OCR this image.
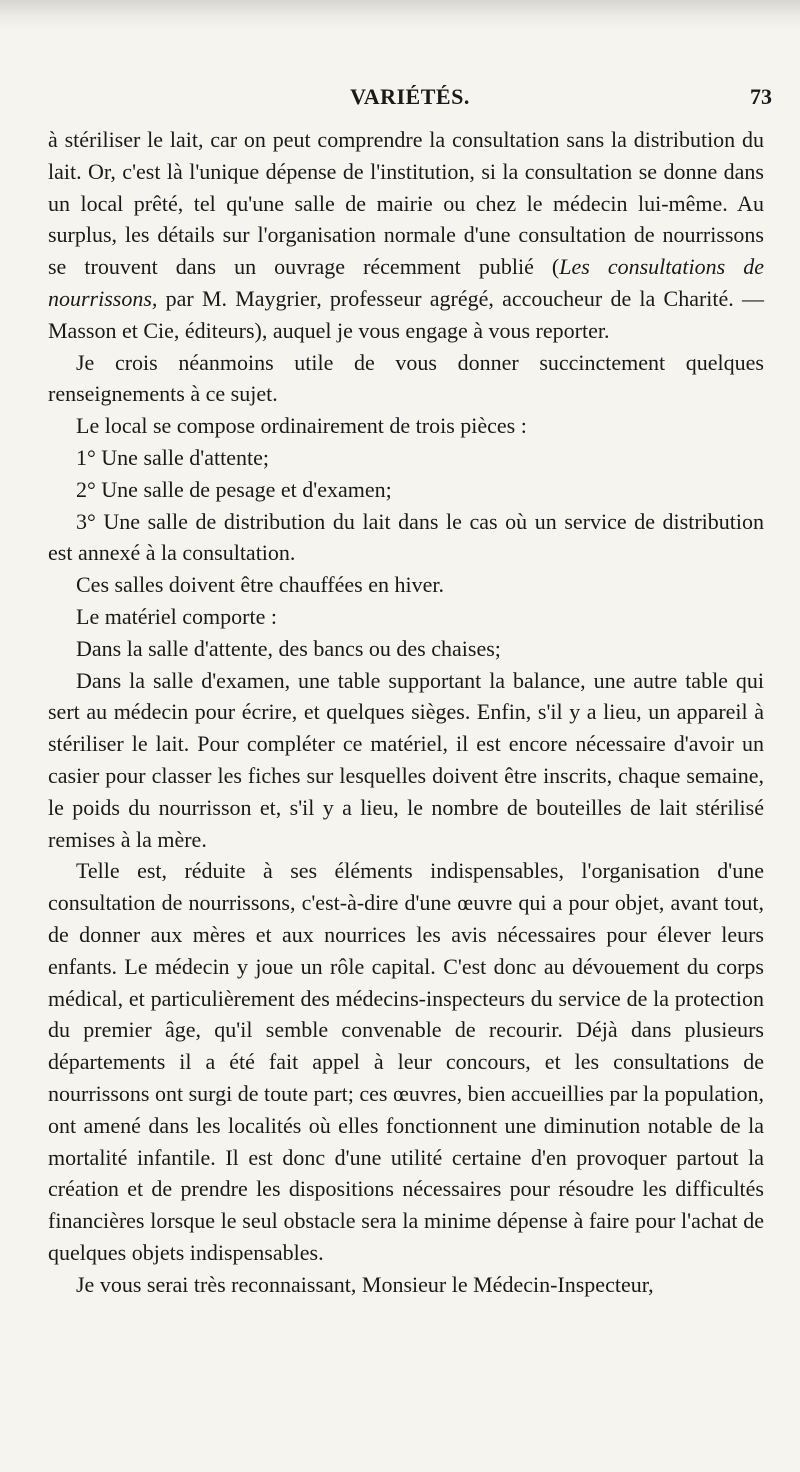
VARIÉTÉS.	73

à stériliser le lait, car on peut comprendre la consultation sans la distribution du lait. Or, c'est là l'unique dépense de l'institution, si la consultation se donne dans un local prêté, tel qu'une salle de mairie ou chez le médecin lui-même. Au surplus, les détails sur l'organisation normale d'une consultation de nourrissons se trouvent dans un ouvrage récemment publié (Les consultations de nourrissons, par M. Maygrier, professeur agrégé, accoucheur de la Charité. — Masson et Cie, éditeurs), auquel je vous engage à vous reporter.

Je crois néanmoins utile de vous donner succinctement quelques renseignements à ce sujet.

Le local se compose ordinairement de trois pièces :

1° Une salle d'attente;

2° Une salle de pesage et d'examen;

3° Une salle de distribution du lait dans le cas où un service de distribution est annexé à la consultation.

Ces salles doivent être chauffées en hiver.

Le matériel comporte :

Dans la salle d'attente, des bancs ou des chaises;

Dans la salle d'examen, une table supportant la balance, une autre table qui sert au médecin pour écrire, et quelques sièges. Enfin, s'il y a lieu, un appareil à stériliser le lait. Pour compléter ce matériel, il est encore nécessaire d'avoir un casier pour classer les fiches sur lesquelles doivent être inscrits, chaque semaine, le poids du nourrisson et, s'il y a lieu, le nombre de bouteilles de lait stérilisé remises à la mère.

Telle est, réduite à ses éléments indispensables, l'organisation d'une consultation de nourrissons, c'est-à-dire d'une œuvre qui a pour objet, avant tout, de donner aux mères et aux nourrices les avis nécessaires pour élever leurs enfants. Le médecin y joue un rôle capital. C'est donc au dévouement du corps médical, et particulièrement des médecins-inspecteurs du service de la protection du premier âge, qu'il semble convenable de recourir. Déjà dans plusieurs départements il a été fait appel à leur concours, et les consultations de nourrissons ont surgi de toute part; ces œuvres, bien accueillies par la population, ont amené dans les localités où elles fonctionnent une diminution notable de la mortalité infantile. Il est donc d'une utilité certaine d'en provoquer partout la création et de prendre les dispositions nécessaires pour résoudre les difficultés financières lorsque le seul obstacle sera la minime dépense à faire pour l'achat de quelques objets indispensables.

Je vous serai très reconnaissant, Monsieur le Médecin-Inspecteur,
